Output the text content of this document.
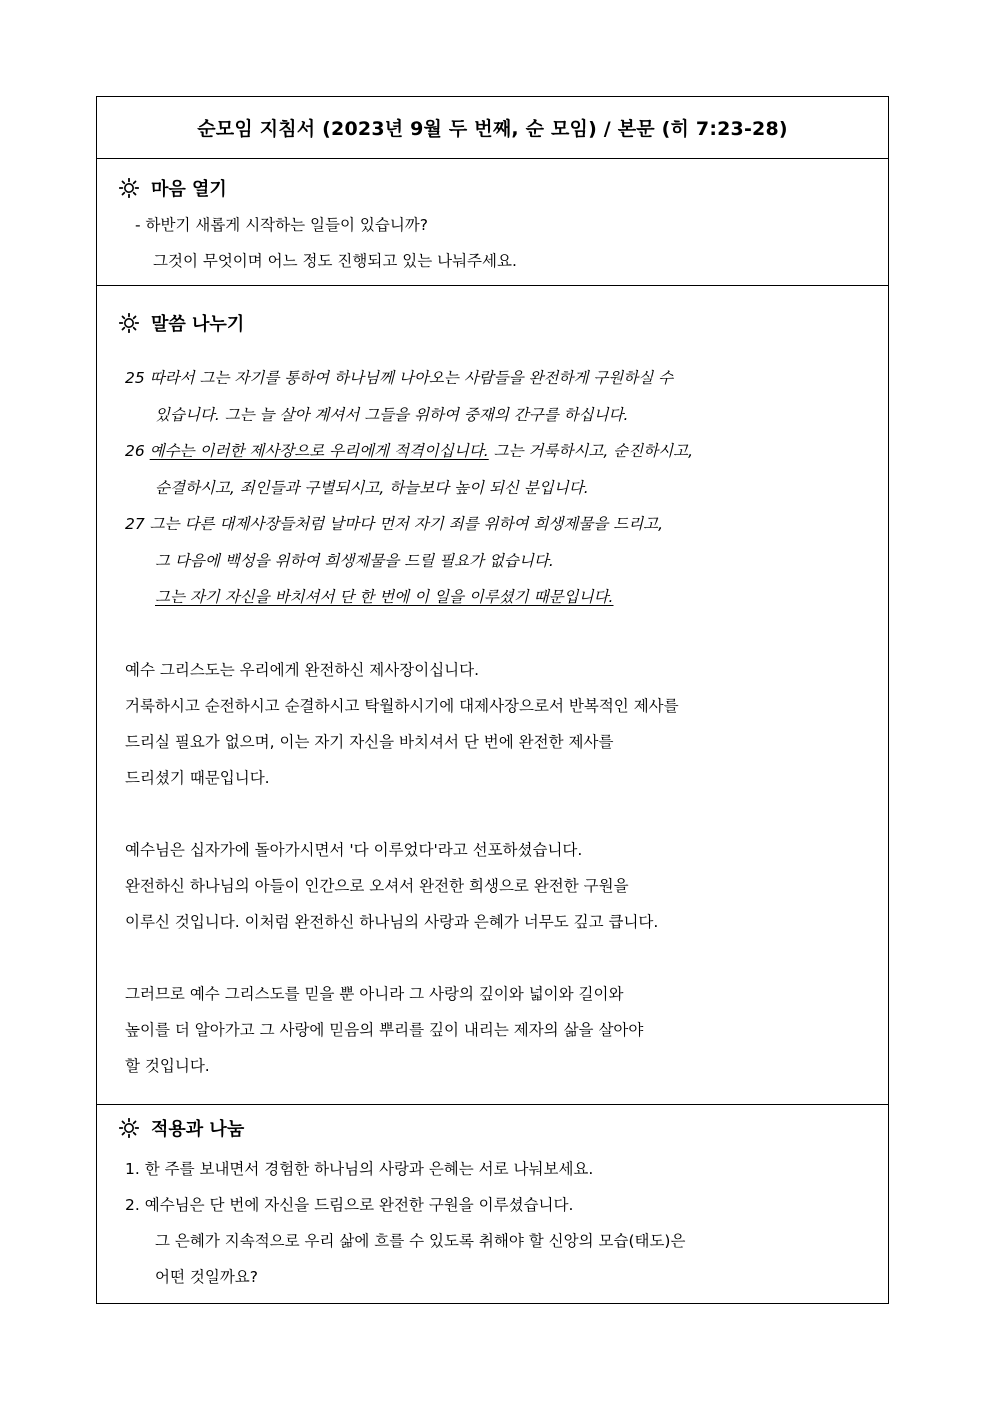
순모임 지침서 (2023년 9월 두 번째, 순 모임) / 본문 (히 7:23-28)
마음 열기
- 하반기 새롭게 시작하는 일들이 있습니까?
그것이 무엇이며 어느 정도 진행되고 있는 나눠주세요.
말씀 나누기
25 따라서 그는 자기를 통하여 하나님께 나아오는 사람들을 완전하게 구원하실 수
있습니다. 그는 늘 살아 계셔서 그들을 위하여 중재의 간구를 하십니다.
26 예수는 이러한 제사장으로 우리에게 적격이십니다. 그는 거룩하시고, 순진하시고,
순결하시고, 죄인들과 구별되시고, 하늘보다 높이 되신 분입니다.
27 그는 다른 대제사장들처럼 날마다 먼저 자기 죄를 위하여 희생제물을 드리고,
그 다음에 백성을 위하여 희생제물을 드릴 필요가 없습니다.
그는 자기 자신을 바치셔서 단 한 번에 이 일을 이루셨기 때문입니다.
예수 그리스도는 우리에게 완전하신 제사장이십니다.
거룩하시고 순전하시고 순결하시고 탁월하시기에 대제사장으로서 반복적인 제사를
드리실 필요가 없으며, 이는 자기 자신을 바치셔서 단 번에 완전한 제사를
드리셨기 때문입니다.
예수님은 십자가에 돌아가시면서 '다 이루었다'라고 선포하셨습니다.
완전하신 하나님의 아들이 인간으로 오셔서 완전한 희생으로 완전한 구원을
이루신 것입니다. 이처럼 완전하신 하나님의 사랑과 은혜가 너무도 깊고 큽니다.
그러므로 예수 그리스도를 믿을 뿐 아니라 그 사랑의 깊이와 넓이와 길이와
높이를 더 알아가고 그 사랑에 믿음의 뿌리를 깊이 내리는 제자의 삶을 살아야
할 것입니다.
적용과 나눔
1. 한 주를 보내면서 경험한 하나님의 사랑과 은혜는 서로 나눠보세요.
2. 예수님은 단 번에 자신을 드림으로 완전한 구원을 이루셨습니다.
그 은혜가 지속적으로 우리 삶에 흐를 수 있도록 취해야 할 신앙의 모습(태도)은
어떤 것일까요?
